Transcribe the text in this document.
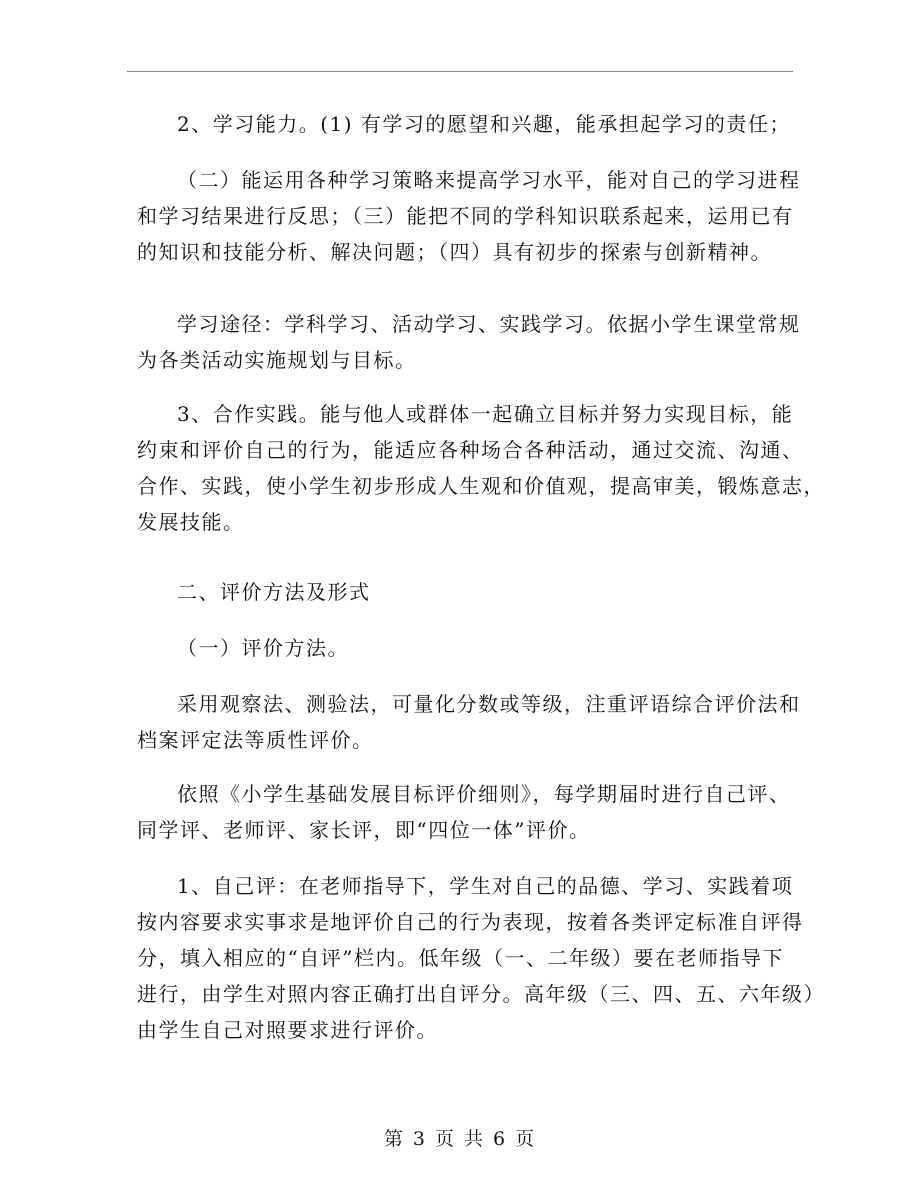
2、学习能力。(1) 有学习的愿望和兴趣，能承担起学习的责任；
（二）能运用各种学习策略来提高学习水平，能对自己的学习进程
和学习结果进行反思；（三）能把不同的学科知识联系起来，运用已有
的知识和技能分析、解决问题；（四）具有初步的探索与创新精神。
学习途径：学科学习、活动学习、实践学习。依据小学生课堂常规
为各类活动实施规划与目标。
3、合作实践。能与他人或群体一起确立目标并努力实现目标，能
约束和评价自己的行为，能适应各种场合各种活动，通过交流、沟通、
合作、实践，使小学生初步形成人生观和价值观，提高审美，锻炼意志，
发展技能。
二、评价方法及形式
（一）评价方法。
采用观察法、测验法，可量化分数或等级，注重评语综合评价法和
档案评定法等质性评价。
依照《小学生基础发展目标评价细则》，每学期届时进行自己评、
同学评、老师评、家长评，即“四位一体”评价。
1、自己评：在老师指导下，学生对自己的品德、学习、实践着项
按内容要求实事求是地评价自己的行为表现，按着各类评定标准自评得
分，填入相应的“自评”栏内。低年级（一、二年级）要在老师指导下
进行，由学生对照内容正确打出自评分。高年级（三、四、五、六年级）
由学生自己对照要求进行评价。
第 3 页 共 6 页
